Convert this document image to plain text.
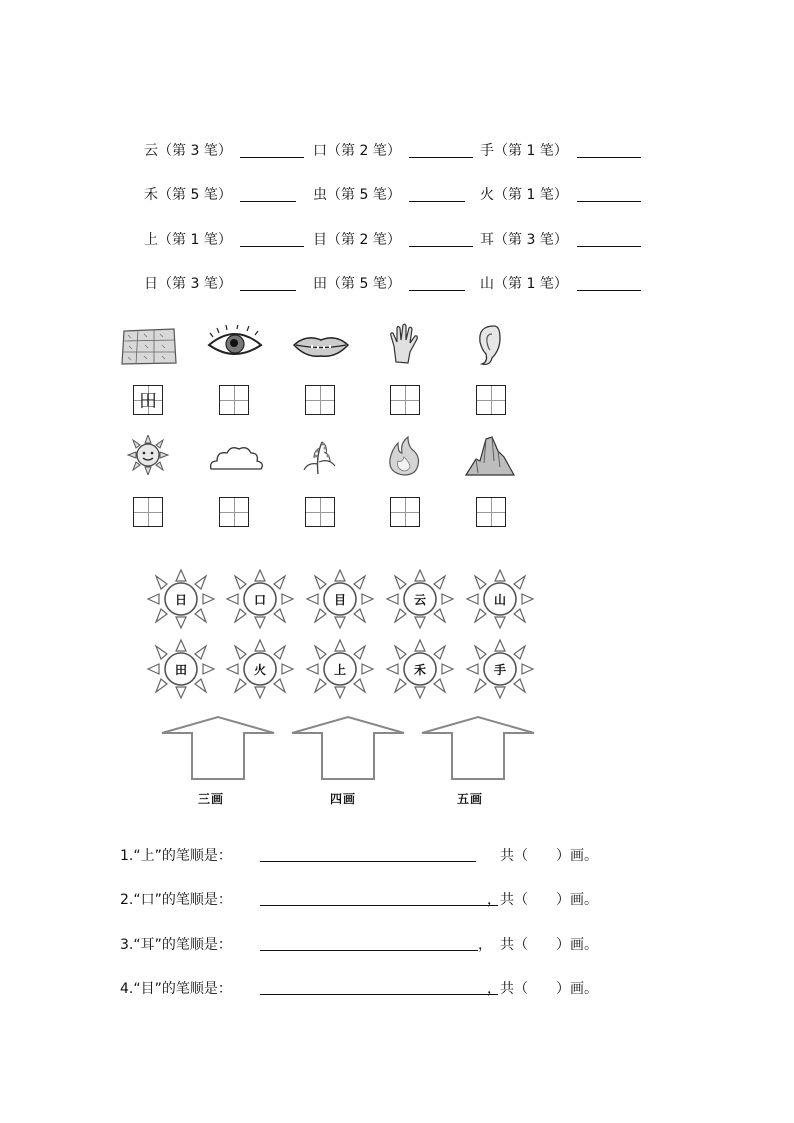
云（第 3 笔）	口（第 2 笔）	手（第 1 笔）
禾（第 5 笔）	虫（第 5 笔）	火（第 1 笔）
上（第 1 笔）	目（第 2 笔）	耳（第 3 笔）
日（第 3 笔）	田（第 5 笔）	山（第 1 笔）
田
日	口	目	云	山
田	火	上	禾	手
三画	四画	五画
1.“上”的笔顺是：	共（　　）画。
2.“口”的笔顺是：	， 共（　　）画。
3.“耳”的笔顺是：	， 共（　　）画。
4.“目”的笔顺是：	， 共（　　）画。
